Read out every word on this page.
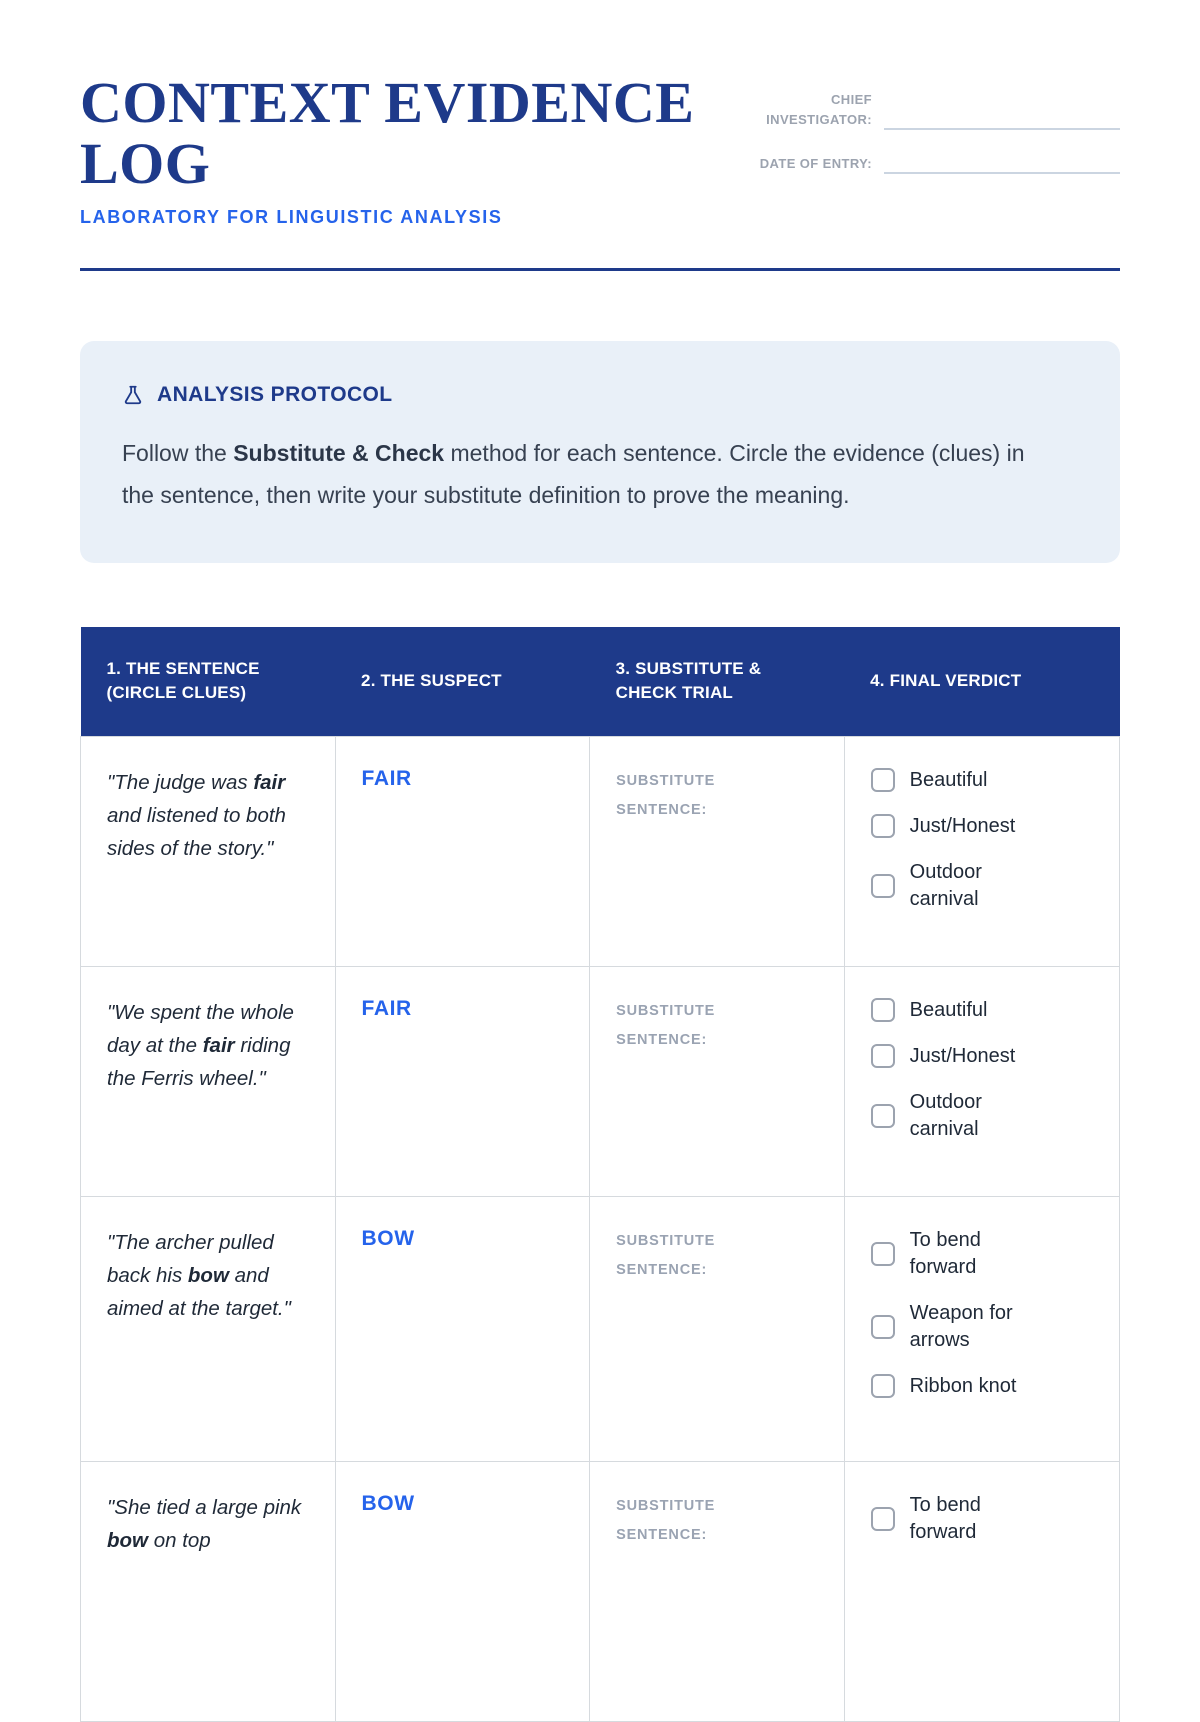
CONTEXT EVIDENCE LOG
LABORATORY FOR LINGUISTIC ANALYSIS
CHIEF INVESTIGATOR:
DATE OF ENTRY:
ANALYSIS PROTOCOL
Follow the Substitute & Check method for each sentence. Circle the evidence (clues) in the sentence, then write your substitute definition to prove the meaning.
1. THE SENTENCE (CIRCLE CLUES)	2. THE SUSPECT	3. SUBSTITUTE & CHECK TRIAL	4. FINAL VERDICT

"The judge was fair and listened to both sides of the story."	FAIR	SUBSTITUTE SENTENCE:	Beautiful
Just/Honest
Outdoor carnival

"We spent the whole day at the fair riding the Ferris wheel."	FAIR	SUBSTITUTE SENTENCE:	Beautiful
Just/Honest
Outdoor carnival

"The archer pulled back his bow and aimed at the target."	BOW	SUBSTITUTE SENTENCE:	To bend forward
Weapon for arrows
Ribbon knot

"She tied a large pink bow on top	BOW	SUBSTITUTE SENTENCE:	To bend forward
